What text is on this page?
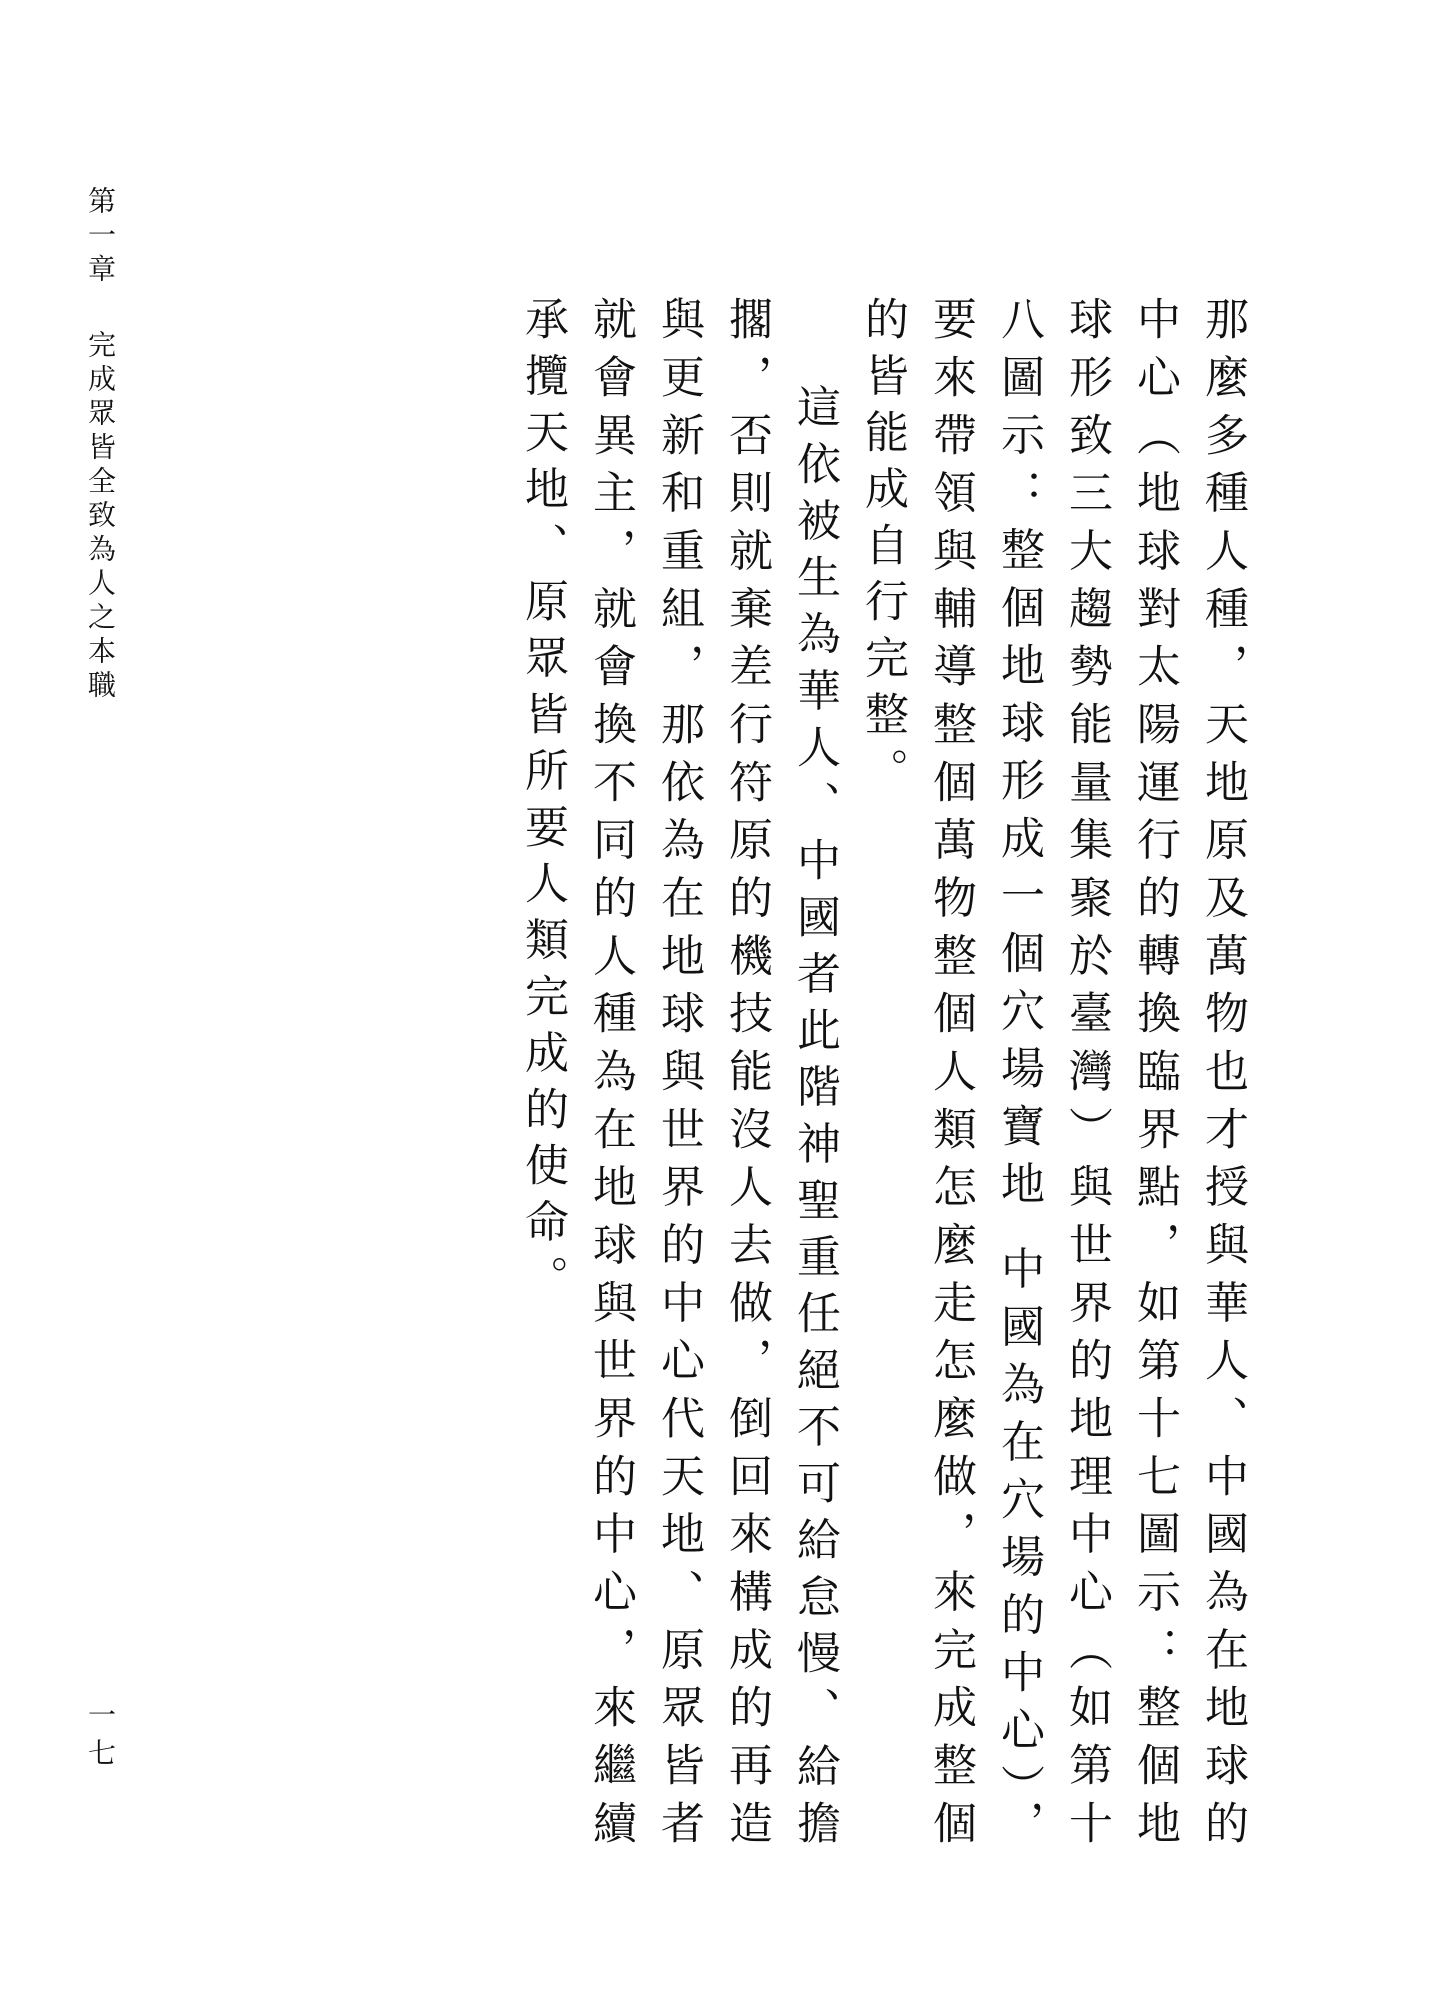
第一章完成眾皆全致為人之本職	那麼多種人種，天地原及萬物也才授與華人、中國為在地球的中心（地球對太陽運行的轉換臨界點，如第十七圖示：整個地球形致三大趨勢能量集聚於臺灣）與世界的地理中心（如第十八圖示：整個地球形成一個穴場寶地 中國為在穴場的中心），要來帶領與輔導整個萬物整個人類怎麼走怎麼做，來完成整個的皆能成自行完整。

這依被生為華人、中國者此階神聖重任絕不可給怠慢、給擔擱，否則就棄差行符原的機技能沒人去做，倒回來構成的再造與更新和重組，那依為在地球與世界的中心代天地、原眾皆者就會異主，就會換不同的人種為在地球與世界的中心，來繼續承攬天地、原眾皆所要人類完成的使命。

一七
